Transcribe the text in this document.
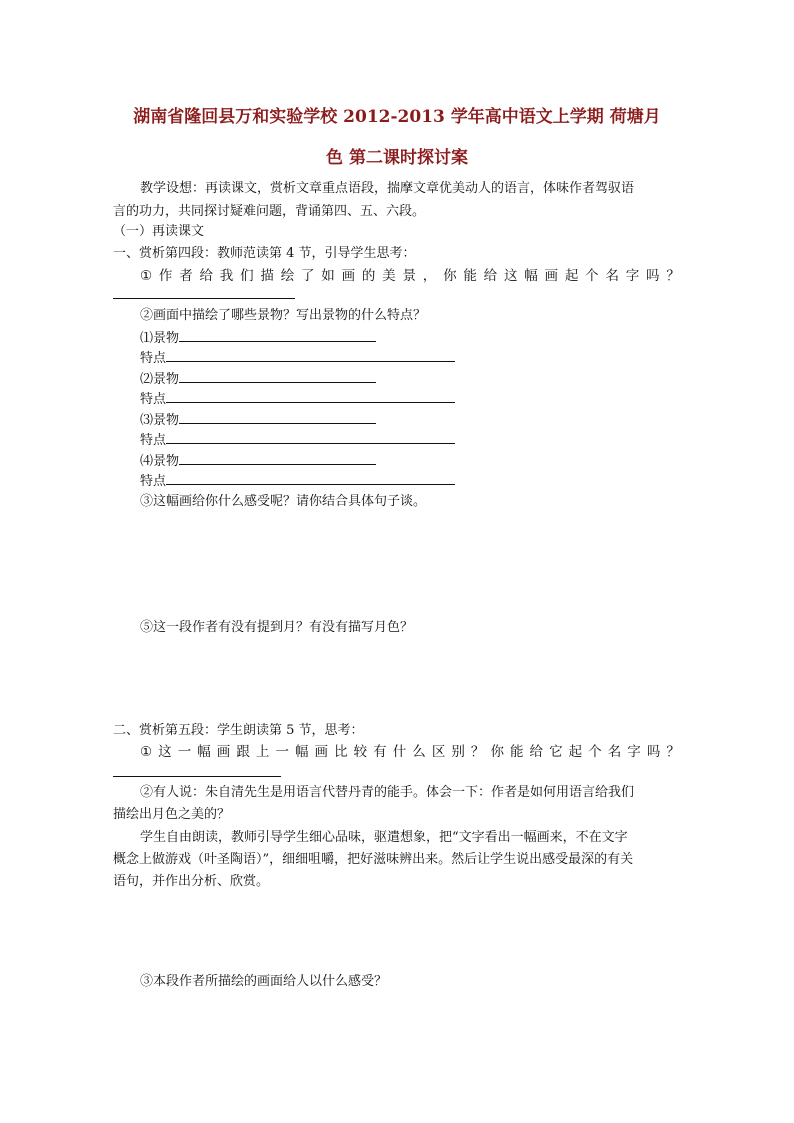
湖南省隆回县万和实验学校 2012-2013 学年高中语文上学期 荷塘月
色 第二课时探讨案
教学设想：再读课文，赏析文章重点语段，揣摩文章优美动人的语言，体味作者驾驭语
言的功力，共同探讨疑难问题，背诵第四、五、六段。
（一）再读课文
一、赏析第四段：教师范读第 4 节，引导学生思考：
① 作 者 给 我 们 描 绘 了 如 画 的 美 景 ， 你 能 给 这 幅 画 起 个 名 字 吗 ？
②画面中描绘了哪些景物？写出景物的什么特点？
⑴景物
特点
⑵景物
特点
⑶景物
特点
⑷景物
特点
③这幅画给你什么感受呢？请你结合具体句子谈。
⑤这一段作者有没有提到月？有没有描写月色？
二、赏析第五段：学生朗读第 5 节，思考：
① 这 一 幅 画 跟 上 一 幅 画 比 较 有 什 么 区 别 ？ 你 能 给 它 起 个 名 字 吗 ？
②有人说：朱自清先生是用语言代替丹青的能手。体会一下：作者是如何用语言给我们
描绘出月色之美的？
学生自由朗读，教师引导学生细心品味，驱遣想象，把“文字看出一幅画来，不在文字
概念上做游戏（叶圣陶语）”，细细咀嚼，把好滋味辨出来。然后让学生说出感受最深的有关
语句，并作出分析、欣赏。
③本段作者所描绘的画面给人以什么感受？
